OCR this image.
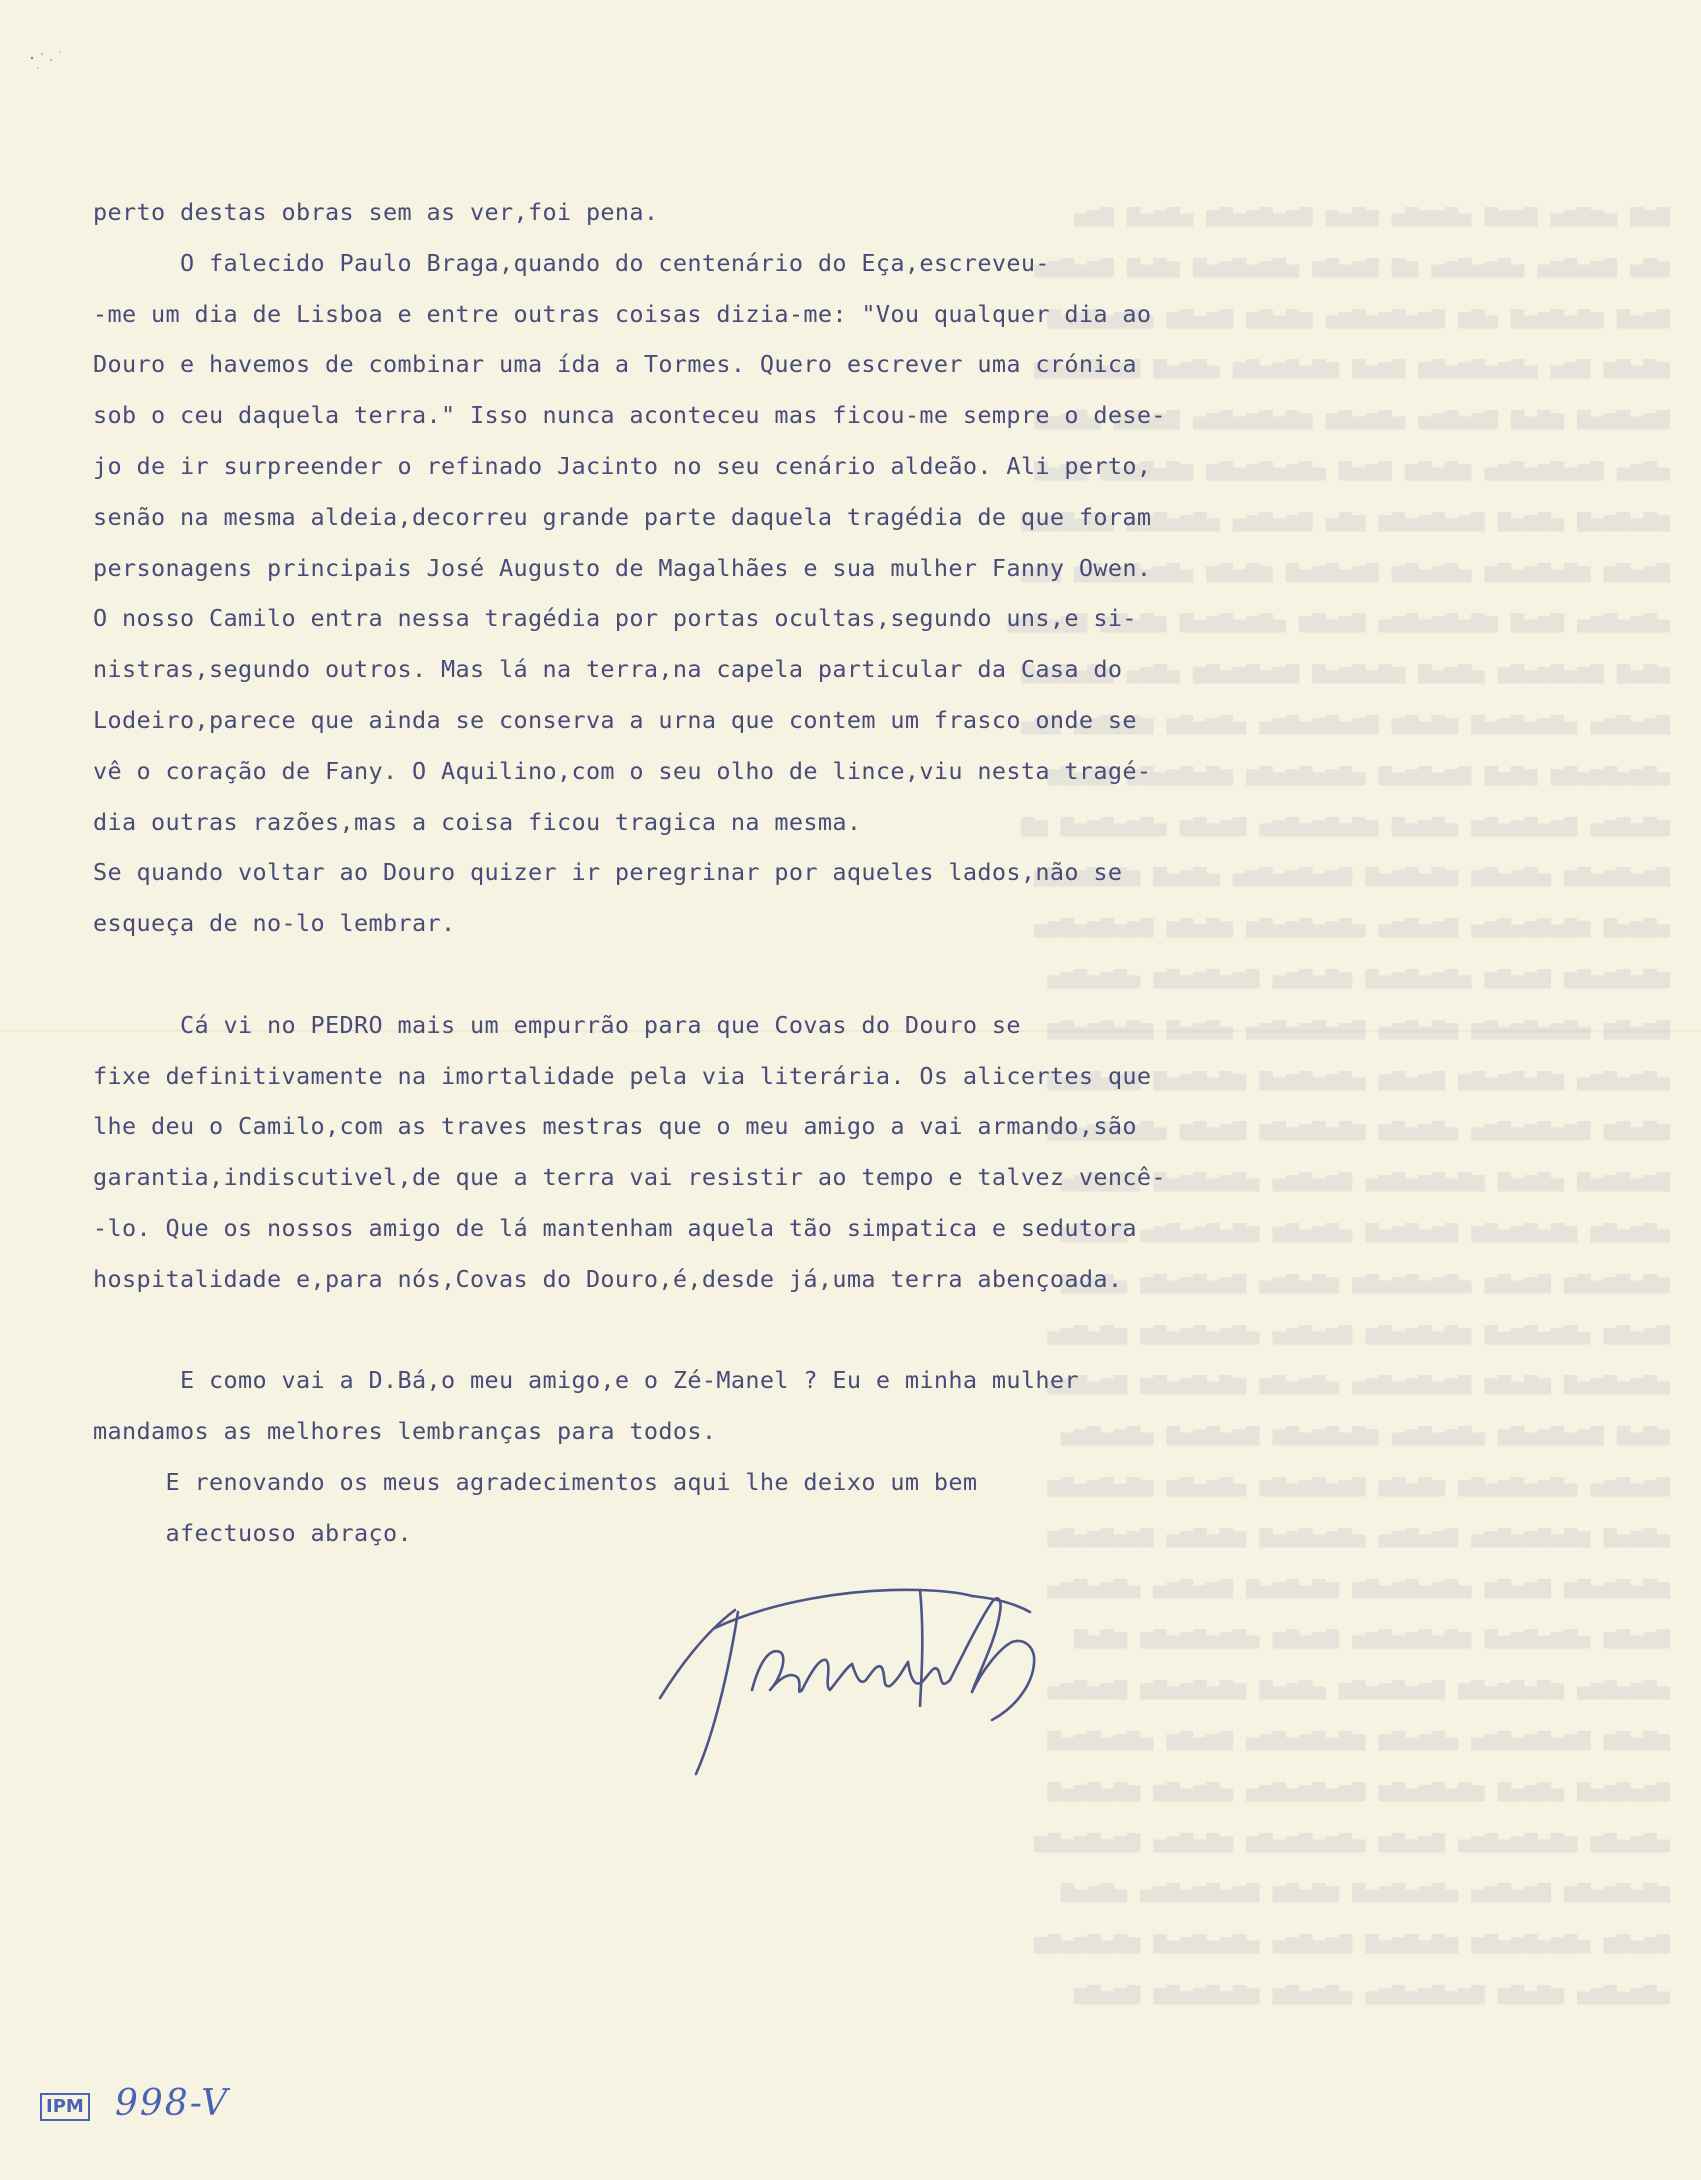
▆▅▆ ▄▅▆▅▄ ▆▅▅▆ ▄▆▅▅▆▄ ▅▆▄▅ ▆▅▄▆▅▄▆▅ ▄▆▅▄▆ ▆▅▄
▅▆▄ ▆▅▄▆▅▄ ▄▆▅▄▆▅▄ ▅▆ ▆▅▄▆▅ ▄▆▅▄▆▅▄▆ ▅▆▄▆ ▆▅▄▆▅▄
▆▅▄▆ ▅▆▄▆▅▄▆ ▄▆▅ ▆▅▄▆▅▄▆▅▄ ▅▆▄▆▅ ▆▅▄▆▅ ▄▆▅▄▆▅▄▆
▅▆▄▆▅ ▆▅▄ ▄▆▅▄▆▅▄▆▅ ▆▅▄▆ ▅▆▄▆▅▄▆▅ ▄▆▅▄▆ ▆▅▄▆▅▄▆▅
▆▅▄▆▅▄▆ ▅▆▄▆ ▆▅▄▆▅▄ ▄▆▅▄▆▅ ▅▆▄▆▅▄▆▅▄ ▆▅▄▆▅ ▄▆▅▄▆
▄▆▅▄ ▆▅▄▆▅▄▆▅▄ ▅▆▄▆▅ ▆▅▄▆ ▄▆▅▄▆▅▄▆▅ ▅▆▄▆▅▄▆ ▆▅▄▆
▅▆▄▆▅▄▆ ▄▆▅▄▆ ▆▅▄▆▅▄▆▅ ▅▆▄ ▆▅▄▆▅▄ ▄▆▅▄▆▅▄ ▅▆▄▆▅▄▆
▆▅▄▆▅ ▅▆▄▆▅▄▆▅ ▄▆▅▄▆▅ ▆▅▄▆▅▄▆ ▅▆▄▆▅ ▄▆▅▄▆▅▄▆▅ ▆▅▄
▄▆▅▄▆▅▄ ▆▅▄▆ ▅▆▄▆▅▄▆▅▄ ▆▅▄▆▅ ▄▆▅▄▆▅▄▆ ▅▆▄▆▅ ▆▅▄▆▅▄
▅▆▄▆ ▆▅▄▆▅▄▆▅ ▄▆▅▄▆ ▅▆▄▆▅▄▆ ▆▅▄▆▅▄▆▅ ▄▆▅▄ ▅▆▄▆▅▄▆
▆▅▄▆▅▄ ▄▆▅▄▆▅▄▆ ▅▆▄▆▅ ▆▅▄▆▅▄▆▅▄ ▄▆▅▄▆▅ ▅▆▄▆▅▄ ▆▅▄
▄▆▅▄▆▅▄▆▅ ▅▆▄▆ ▆▅▄▆▅▄▆ ▄▆▅▄▆▅▄▆▅ ▅▆▄▆▅▄▆▅ ▆▅▄▆▅
▅▆▄▆▅▄ ▆▅▄▆▅▄▆▅ ▄▆▅▄▆ ▅▆▄▆▅▄▆▅▄ ▆▅▄▆▅ ▄▆▅▄▆▅▄▆ ▅▆
▆▅▄▆▅▄▆▅ ▄▆▅▄▆▅ ▅▆▄▆▅▄▆ ▆▅▄▆▅▄▆▅▄ ▄▆▅▄▆ ▅▆▄▆▅▄▆▅
▄▆▅▄▆ ▅▆▄▆▅▄▆▅▄ ▆▅▄▆▅▄ ▄▆▅▄▆▅▄▆▅ ▅▆▄▆▅ ▆▅▄▆▅▄▆▅▄
▅▆▄▆▅▄▆▅ ▆▅▄▆▅ ▄▆▅▄▆▅▄▆ ▅▆▄▆▅▄ ▆▅▄▆▅▄▆▅ ▄▆▅▄▆▅▄
▆▅▄▆▅ ▄▆▅▄▆▅▄▆▅ ▅▆▄▆▅▄ ▆▅▄▆▅▄▆▅▄ ▄▆▅▄▆ ▅▆▄▆▅▄▆▅
▄▆▅▄▆▅▄ ▅▆▄▆▅▄▆▅ ▆▅▄▆▅ ▄▆▅▄▆▅▄▆ ▅▆▄▆▅▄▆ ▆▅▄▆▅▄▆
▅▆▄▆▅ ▆▅▄▆▅▄▆▅▄ ▄▆▅▄▆▅ ▅▆▄▆▅▄▆▅ ▆▅▄▆▅ ▄▆▅▄▆▅▄▆▅
▆▅▄▆▅▄▆ ▄▆▅▄▆ ▅▆▄▆▅▄▆▅▄ ▆▅▄▆▅▄ ▄▆▅▄▆▅▄▆ ▅▆▄▆▅▄
▄▆▅▄▆▅ ▅▆▄▆▅▄▆▅ ▆▅▄▆▅▄▆ ▄▆▅▄▆▅ ▅▆▄▆▅▄▆▅▄ ▆▅▄▆▅
▅▆▄▆▅▄▆▅ ▆▅▄▆▅ ▄▆▅▄▆▅▄▆▅ ▅▆▄▆▅▄ ▆▅▄▆▅▄▆▅ ▄▆▅▄▆
▆▅▄▆▅ ▄▆▅▄▆▅▄▆ ▅▆▄▆▅▄▆▅ ▆▅▄▆▅▄ ▄▆▅▄▆▅▄▆▅ ▅▆▄▆▅▄
▄▆▅▄▆▅▄▆ ▅▆▄▆▅ ▆▅▄▆▅▄▆▅▄ ▄▆▅▄▆▅ ▅▆▄▆▅▄▆▅ ▆▅▄▆▅▄
▅▆▄▆ ▆▅▄▆▅▄▆▅ ▄▆▅▄▆▅▄ ▅▆▄▆▅▄▆▅ ▆▅▄▆▅▄▆ ▄▆▅▄▆▅▄
▆▅▄▆▅▄ ▄▆▅▄▆▅▄▆▅ ▅▆▄▆▅ ▆▅▄▆▅▄▆▅ ▄▆▅▄▆▅ ▅▆▄▆▅▄▆▅
▄▆▅▄▆ ▅▆▄▆▅▄▆▅▄ ▆▅▄▆▅▄ ▄▆▅▄▆▅▄▆ ▅▆▄▆▅▄ ▆▅▄▆▅▄▆▅
▅▆▄▆▅▄▆▅ ▆▅▄▆▅ ▄▆▅▄▆▅▄▆▅ ▅▆▄▆▅▄▆ ▆▅▄▆▅▄ ▄▆▅▄▆▅▄
▆▅▄▆▅ ▄▆▅▄▆▅▄▆ ▅▆▄▆▅▄▆▅▄ ▆▅▄▆▅ ▄▆▅▄▆▅▄▆▅ ▅▆▄▆
▄▆▅▄▆▅▄ ▅▆▄▆▅▄▆▅ ▆▅▄▆▅▄▆▅ ▄▆▅▄▆ ▅▆▄▆▅▄▆▅ ▆▅▄▆▅▄
▅▆▄▆▅ ▆▅▄▆▅▄▆▅▄ ▄▆▅▄▆▅ ▅▆▄▆▅▄▆▅▄ ▆▅▄▆▅ ▄▆▅▄▆▅▄▆
▆▅▄▆▅▄▆ ▄▆▅▄▆ ▅▆▄▆▅▄▆▅ ▆▅▄▆▅▄▆▅▄ ▄▆▅▄▆▅ ▅▆▄▆▅▄▆
▄▆▅▄▆▅ ▅▆▄▆▅▄▆▅▄ ▆▅▄▆▅ ▄▆▅▄▆▅▄▆▅ ▅▆▄▆▅▄ ▆▅▄▆▅▄▆▅
▅▆▄▆▅▄▆▅ ▆▅▄▆▅▄ ▄▆▅▄▆▅▄▆ ▅▆▄▆▅ ▆▅▄▆▅▄▆▅▄ ▄▆▅▄▆
▆▅▄▆▅ ▄▆▅▄▆▅▄▆▅ ▅▆▄▆▅▄▆ ▆▅▄▆▅▄ ▄▆▅▄▆▅▄▆ ▅▆▄▆▅▄▆▅
▄▆▅▄▆▅▄ ▅▆▄▆▅ ▆▅▄▆▅▄▆▅▄ ▄▆▅▄▆▅ ▅▆▄▆▅▄▆▅ ▆▅▄▆▅
perto destas obras sem as ver,foi pena.
O falecido Paulo Braga,quando do centenário do Eça,escreveu-
-me um dia de Lisboa e entre outras coisas dizia-me: "Vou qualquer dia ao
Douro e havemos de combinar uma ída a Tormes. Quero escrever uma crónica
sob o ceu daquela terra." Isso nunca aconteceu mas ficou-me sempre o dese-
jo de ir surpreender o refinado Jacinto no seu cenário aldeão. Ali perto,
senão na mesma aldeia,decorreu grande parte daquela tragédia de que foram
personagens principais José Augusto de Magalhães e sua mulher Fanny Owen.
O nosso Camilo entra nessa tragédia por portas ocultas,segundo uns,e si-
nistras,segundo outros. Mas lá na terra,na capela particular da Casa do
Lodeiro,parece que ainda se conserva a urna que contem um frasco onde se
vê o coração de Fany. O Aquilino,com o seu olho de lince,viu nesta tragé-
dia outras razões,mas a coisa ficou tragica na mesma.
Se quando voltar ao Douro quizer ir peregrinar por aqueles lados,não se
esqueça de no-lo lembrar.
Cá vi no PEDRO mais um empurrão para que Covas do Douro se
fixe definitivamente na imortalidade pela via literária. Os alicertes que
lhe deu o Camilo,com as traves mestras que o meu amigo a vai armando,são
garantia,indiscutivel,de que a terra vai resistir ao tempo e talvez vencê-
-lo. Que os nossos amigo de lá mantenham aquela tão simpatica e sedutora
hospitalidade e,para nós,Covas do Douro,é,desde já,uma terra abençoada.
E como vai a D.Bá,o meu amigo,e o Zé-Manel ? Eu e minha mulher
mandamos as melhores lembranças para todos.
E renovando os meus agradecimentos aqui lhe deixo um bem
afectuoso abraço.
IPM 998-V
